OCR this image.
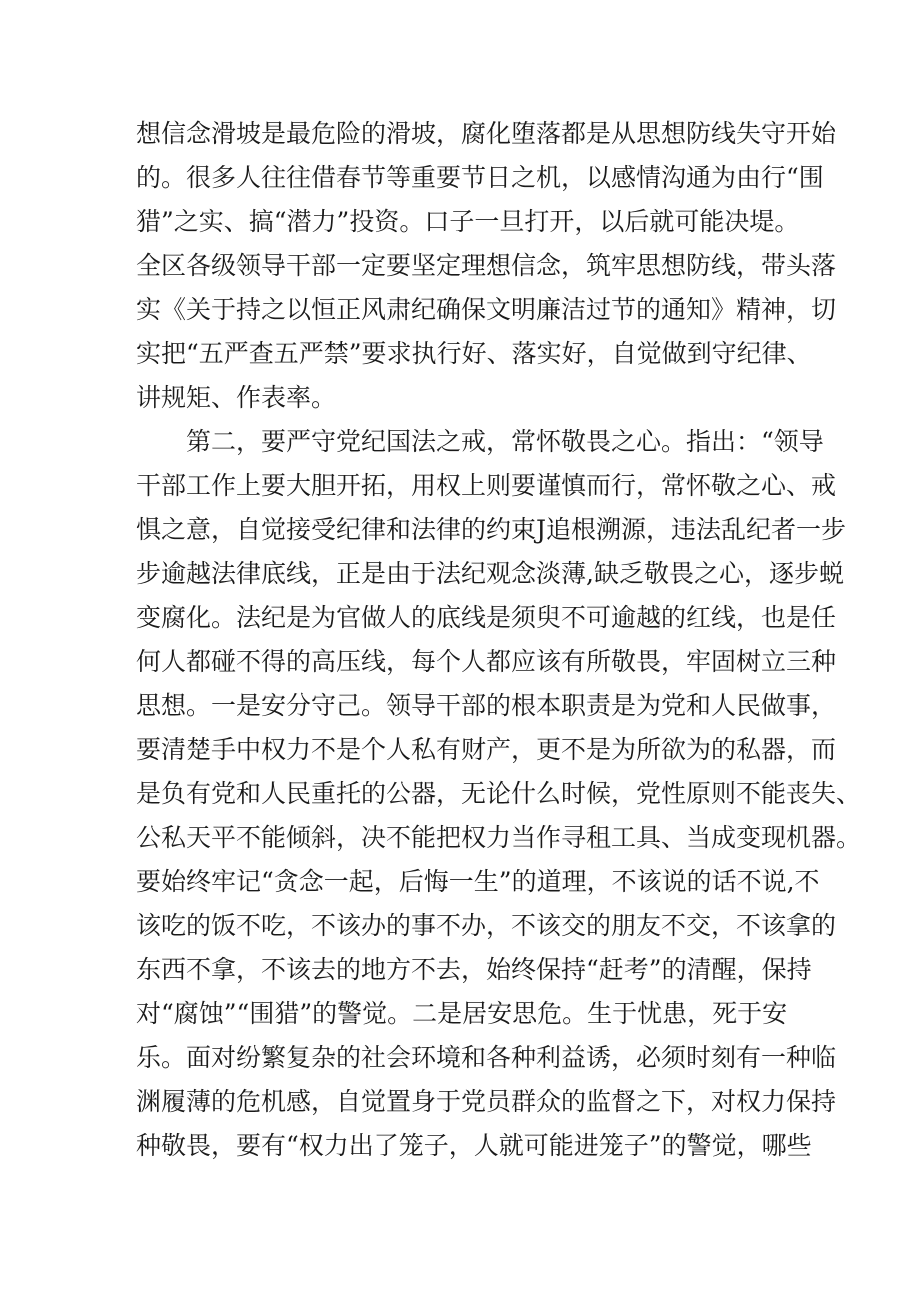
想信念滑坡是最危险的滑坡，腐化堕落都是从思想防线失守开始
的。很多人往往借春节等重要节日之机，以感情沟通为由行“围
猎”之实、搞“潜力”投资。口子一旦打开，以后就可能决堤。
全区各级领导干部一定要坚定理想信念，筑牢思想防线，带头落
实《关于持之以恒正风肃纪确保文明廉洁过节的通知》精神，切
实把“五严查五严禁”要求执行好、落实好，自觉做到守纪律、
讲规矩、作表率。
第二，要严守党纪国法之戒，常怀敬畏之心。指出：“领导
干部工作上要大胆开拓，用权上则要谨慎而行，常怀敬之心、戒
惧之意，自觉接受纪律和法律的约束J追根溯源，违法乱纪者一步
步逾越法律底线，正是由于法纪观念淡薄,缺乏敬畏之心，逐步蜕
变腐化。法纪是为官做人的底线是须臾不可逾越的红线，也是任
何人都碰不得的高压线，每个人都应该有所敬畏，牢固树立三种
思想。一是安分守己。领导干部的根本职责是为党和人民做事，
要清楚手中权力不是个人私有财产，更不是为所欲为的私器，而
是负有党和人民重托的公器，无论什么时候，党性原则不能丧失、
公私天平不能倾斜，决不能把权力当作寻租工具、当成变现机器。
要始终牢记“贪念一起，后悔一生”的道理，不该说的话不说,不
该吃的饭不吃，不该办的事不办，不该交的朋友不交，不该拿的
东西不拿，不该去的地方不去，始终保持“赶考”的清醒，保持
对“腐蚀”“围猎”的警觉。二是居安思危。生于忧患，死于安
乐。面对纷繁复杂的社会环境和各种利益诱，必须时刻有一种临
渊履薄的危机感，自觉置身于党员群众的监督之下，对权力保持
种敬畏，要有“权力出了笼子，人就可能进笼子”的警觉，哪些
